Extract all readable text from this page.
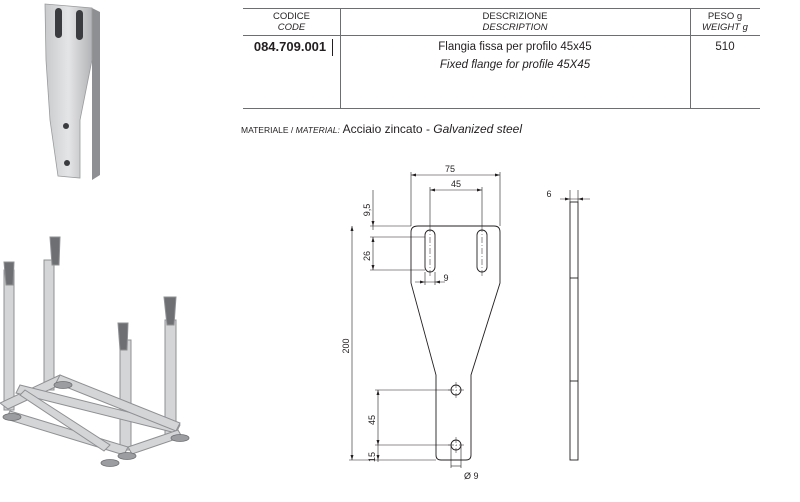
CODICE
CODE
DESCRIZIONE
DESCRIPTION
PESO g
WEIGHT g
084.709.001	Flangia fissa per profilo 45x45
Fixed flange for profile 45X45
510
MATERIALE / MATERIAL: Acciaio zincato - Galvanized steel
75
45
6
9,5
26
9
200
45
15
Ø 9
